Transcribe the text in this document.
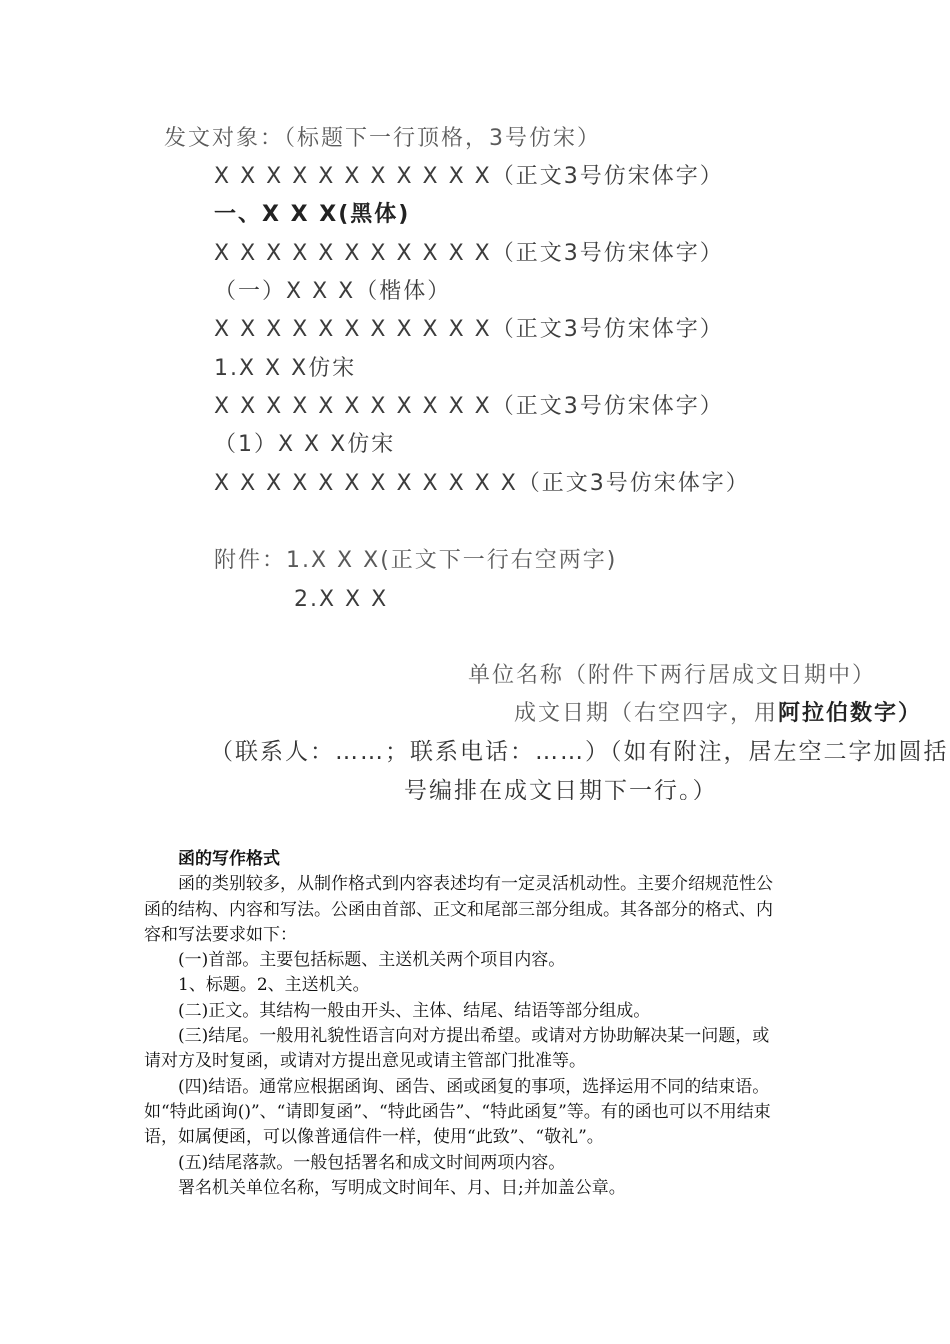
发文对象：（标题下一行顶格，3号仿宋）
X X X X X X X X X X X（正文3号仿宋体字）
一、X X X(黑体)
X X X X X X X X X X X（正文3号仿宋体字）
（一）X X X（楷体）
X X X X X X X X X X X（正文3号仿宋体字）
1.X X X仿宋
X X X X X X X X X X X（正文3号仿宋体字）
（1）X X X仿宋
X X X X X X X X X X X X（正文3号仿宋体字）
附件：1.X X X(正文下一行右空两字)
2.X X X
单位名称（附件下两行居成文日期中）
成文日期（右空四字，用阿拉伯数字）
（联系人：……；联系电话：……）（如有附注，居左空二字加圆括
号编排在成文日期下一行。）

函的写作格式

函的类别较多，从制作格式到内容表述均有一定灵活机动性。主要介绍规范性公函的结构、内容和写法。公函由首部、正文和尾部三部分组成。其各部分的格式、内容和写法要求如下：

(一)首部。主要包括标题、主送机关两个项目内容。

1、标题。2、主送机关。

(二)正文。其结构一般由开头、主体、结尾、结语等部分组成。

(三)结尾。一般用礼貌性语言向对方提出希望。或请对方协助解决某一问题，或请对方及时复函，或请对方提出意见或请主管部门批准等。

(四)结语。通常应根据函询、函告、函或函复的事项，选择运用不同的结束语。如“特此函询()”、“请即复函”、“特此函告”、“特此函复”等。有的函也可以不用结束语，如属便函，可以像普通信件一样，使用“此致”、“敬礼”。

(五)结尾落款。一般包括署名和成文时间两项内容。

署名机关单位名称，写明成文时间年、月、日;并加盖公章。
